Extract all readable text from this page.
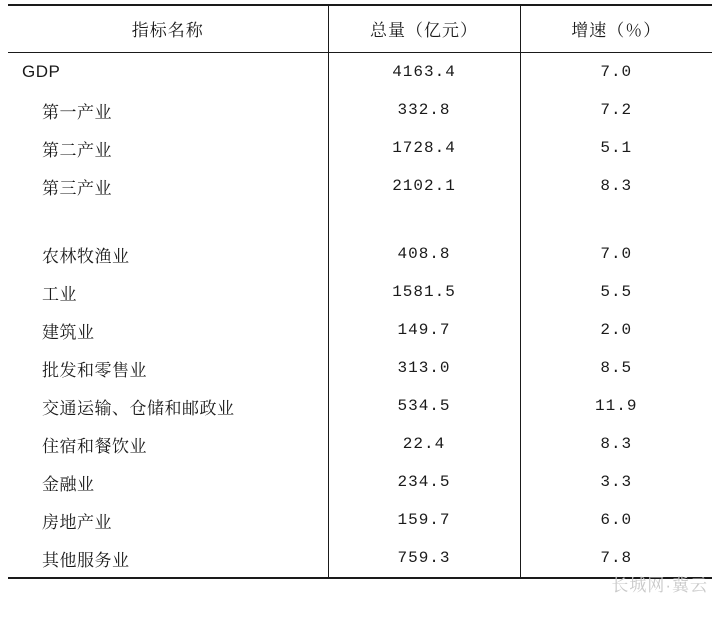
指标名称	总量（亿元）	增速（％）
GDP	4163.4	7.0
第一产业	332.8	7.2
第二产业	1728.4	5.1
第三产业	2102.1	8.3

农林牧渔业	408.8	7.0
工业	1581.5	5.5
建筑业	149.7	2.0
批发和零售业	313.0	8.5
交通运输、仓储和邮政业	534.5	11.9
住宿和餐饮业	22.4	8.3
金融业	234.5	3.3
房地产业	159.7	6.0
其他服务业	759.3	7.8
长城网·冀云
